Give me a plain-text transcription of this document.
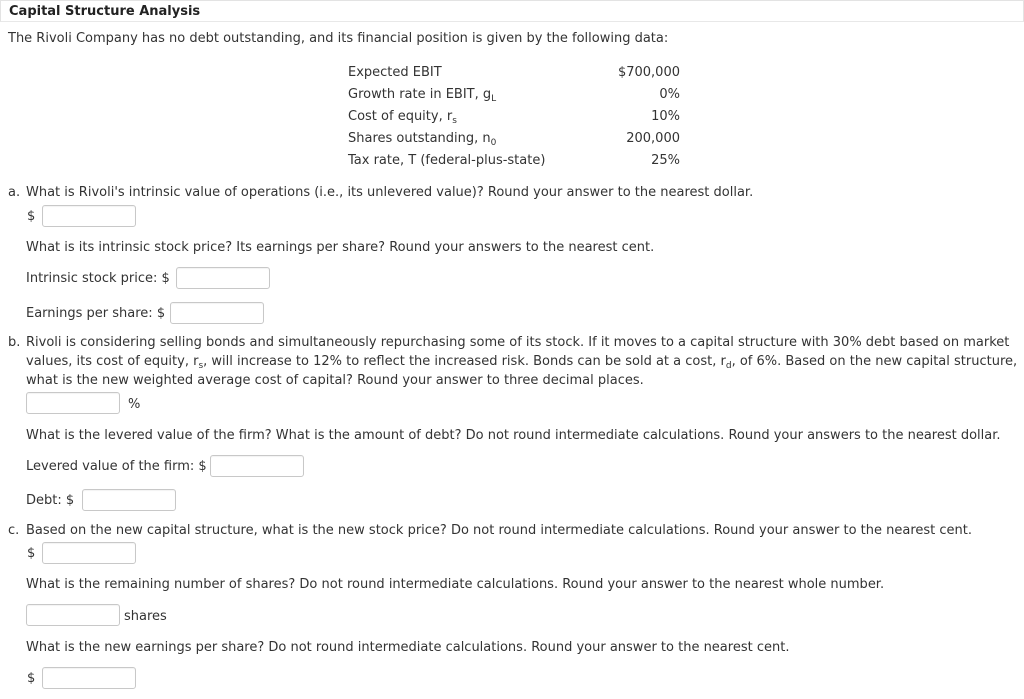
Capital Structure Analysis
The Rivoli Company has no debt outstanding, and its financial position is given by the following data:
Expected EBIT	$700,000
Growth rate in EBIT, $g_L$	0%
Cost of equity, $r_s$	10%
Shares outstanding, $n_0$	200,000
Tax rate, T (federal-plus-state)	25%
a. What is Rivoli's intrinsic value of operations (i.e., its unlevered value)? Round your answer to the nearest dollar.
$
What is its intrinsic stock price? Its earnings per share? Round your answers to the nearest cent.
Intrinsic stock price: $
Earnings per share: $
b. Rivoli is considering selling bonds and simultaneously repurchasing some of its stock. If it moves to a capital structure with 30% debt based on market
values, its cost of equity, $r_s$, will increase to 12% to reflect the increased risk. Bonds can be sold at a cost, $r_d$, of 6%. Based on the new capital structure,
what is the new weighted average cost of capital? Round your answer to three decimal places.
%
What is the levered value of the firm? What is the amount of debt? Do not round intermediate calculations. Round your answers to the nearest dollar.
Levered value of the firm: $
Debt: $
c. Based on the new capital structure, what is the new stock price? Do not round intermediate calculations. Round your answer to the nearest cent.
$
What is the remaining number of shares? Do not round intermediate calculations. Round your answer to the nearest whole number.
shares
What is the new earnings per share? Do not round intermediate calculations. Round your answer to the nearest cent.
$
